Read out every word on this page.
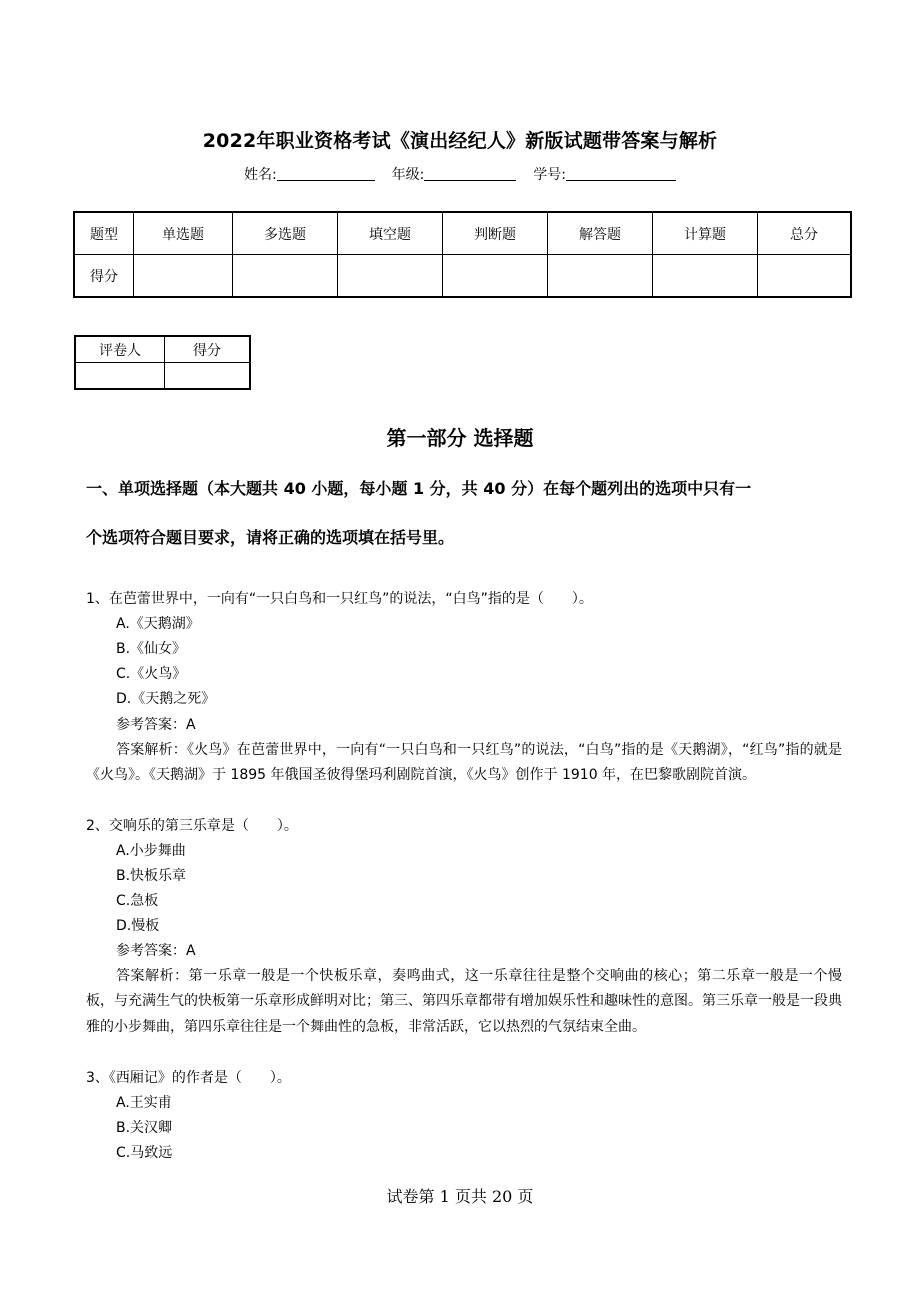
2022年职业资格考试《演出经纪人》新版试题带答案与解析
姓名:	年级:	学号:
题型	单选题	多选题	填空题	判断题	解答题	计算题	总分
得分							
评卷人	得分

第一部分 选择题
一、单项选择题（本大题共 40 小题，每小题 1 分，共 40 分）在每个题列出的选项中只有一
个选项符合题目要求，请将正确的选项填在括号里。
1、在芭蕾世界中，一向有“一只白鸟和一只红鸟”的说法，“白鸟”指的是（　　）。
A.《天鹅湖》
B.《仙女》
C.《火鸟》
D.《天鹅之死》
参考答案：A
答案解析：《火鸟》在芭蕾世界中，一向有“一只白鸟和一只红鸟”的说法，“白鸟”指的是《天鹅湖》，“红鸟”指的就是《火鸟》。《天鹅湖》于 1895 年俄国圣彼得堡玛利剧院首演，《火鸟》创作于 1910 年，在巴黎歌剧院首演。
2、交响乐的第三乐章是（　　）。
A.小步舞曲
B.快板乐章
C.急板
D.慢板
参考答案：A
答案解析：第一乐章一般是一个快板乐章，奏鸣曲式，这一乐章往往是整个交响曲的核心；第二乐章一般是一个慢板，与充满生气的快板第一乐章形成鲜明对比；第三、第四乐章都带有增加娱乐性和趣味性的意图。第三乐章一般是一段典雅的小步舞曲，第四乐章往往是一个舞曲性的急板，非常活跃，它以热烈的气氛结束全曲。
3、《西厢记》的作者是（　　）。
A.王实甫
B.关汉卿
C.马致远
试卷第 1 页共 20 页
